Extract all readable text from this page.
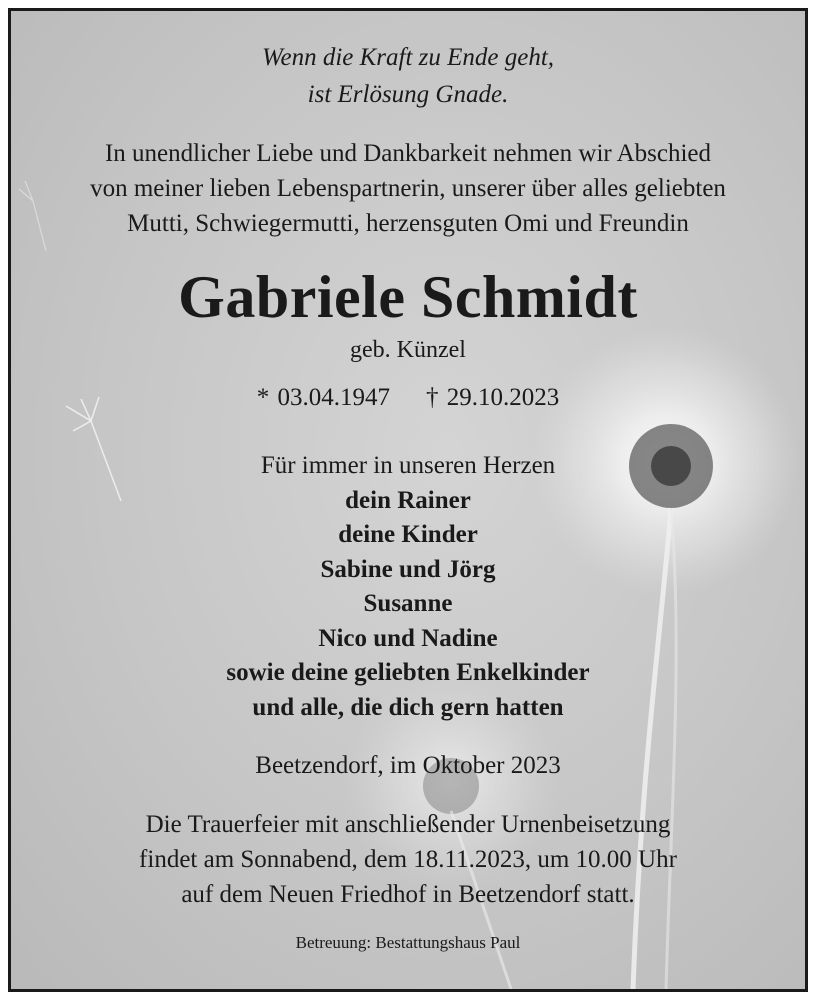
Wenn die Kraft zu Ende geht,
ist Erlösung Gnade.
In unendlicher Liebe und Dankbarkeit nehmen wir Abschied
von meiner lieben Lebenspartnerin, unserer über alles geliebten
Mutti, Schwiegermutti, herzensguten Omi und Freundin
Gabriele Schmidt
geb. Künzel
* 03.04.1947 † 29.10.2023
Für immer in unseren Herzen
dein Rainer
deine Kinder
Sabine und Jörg
Susanne
Nico und Nadine
sowie deine geliebten Enkelkinder
und alle, die dich gern hatten
Beetzendorf, im Oktober 2023
Die Trauerfeier mit anschließender Urnenbeisetzung
findet am Sonnabend, dem 18.11.2023, um 10.00 Uhr
auf dem Neuen Friedhof in Beetzendorf statt.
Betreuung: Bestattungshaus Paul
